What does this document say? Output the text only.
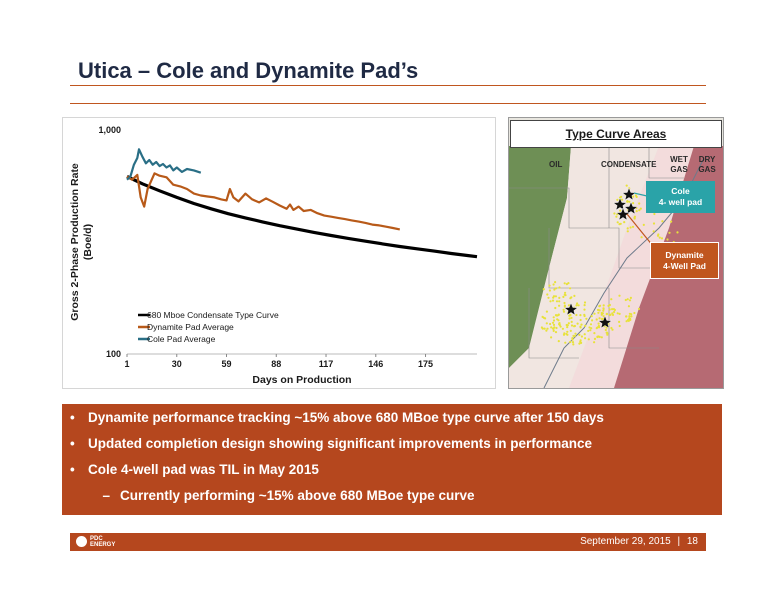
Utica – Cole and Dynamite Pad’s
Gross 2-Phase Production Rate (Boe/d)
Days on Production
1,000
100
1	30	59	88	117	146	175
680 Mboe Condensate Type Curve
Dynamite Pad Average
Cole Pad Average
Type Curve Areas
OIL	CONDENSATE
WET
GAS
DRY
GAS
Cole
4- well pad
Dynamite
4-Well Pad
• Dynamite performance tracking ~15% above 680 MBoe type curve after 150 days
• Updated completion design showing significant improvements in performance
• Cole 4-well pad was TIL in May 2015
– Currently performing ~15% above 680 MBoe type curve
PDC
ENERGY	September 29, 2015 | 18
